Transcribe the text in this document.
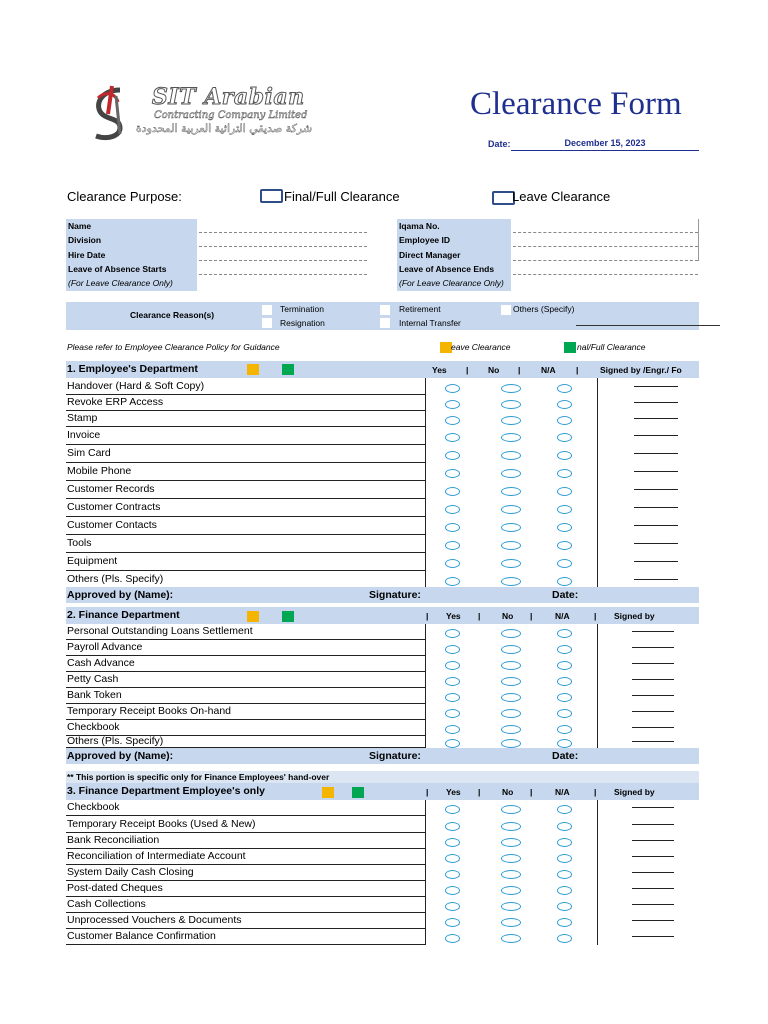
SIT Arabian
Contracting Company Limited
شركة صديقي التراثية العربية المحدودة
Clearance Form
Date:	December 15, 2023
Clearance Purpose:	Final/Full Clearance	Leave Clearance
Name
Division
Hire Date
Leave of Absence Starts
(For Leave Clearance Only)
Iqama No.
Employee ID
Direct Manager
Leave of Absence Ends
(For Leave Clearance Only)
Clearance Reason(s)
Termination
Resignation
Retirement
Internal Transfer
Others (Specify)
Please refer to Employee Clearance Policy for Guidance	eave Clearance	nal/Full Clearance
1. Employee's Department	Yes | No | N/A |	Signed by /Engr./ Fo
Handover (Hard & Soft Copy)
Revoke ERP Access
Stamp
Invoice
Sim Card
Mobile Phone
Customer Records
Customer Contracts
Customer Contacts
Tools
Equipment
Others (Pls. Specify)
Approved by (Name):	Signature:	Date:
2. Finance Department	| Yes |	No |	N/A	| Signed by
Personal Outstanding Loans Settlement
Payroll Advance
Cash Advance
Petty Cash
Bank Token
Temporary Receipt Books On-hand
Checkbook
Others (Pls. Specify)
Approved by (Name):	Signature:	Date:
** This portion is specific only for Finance Employees' hand-over
3. Finance Department Employee's only	| Yes |	No |	N/A	| Signed by
Checkbook
Temporary Receipt Books (Used & New)
Bank Reconciliation
Reconciliation of Intermediate Account
System Daily Cash Closing
Post-dated Cheques
Cash Collections
Unprocessed Vouchers & Documents
Customer Balance Confirmation
